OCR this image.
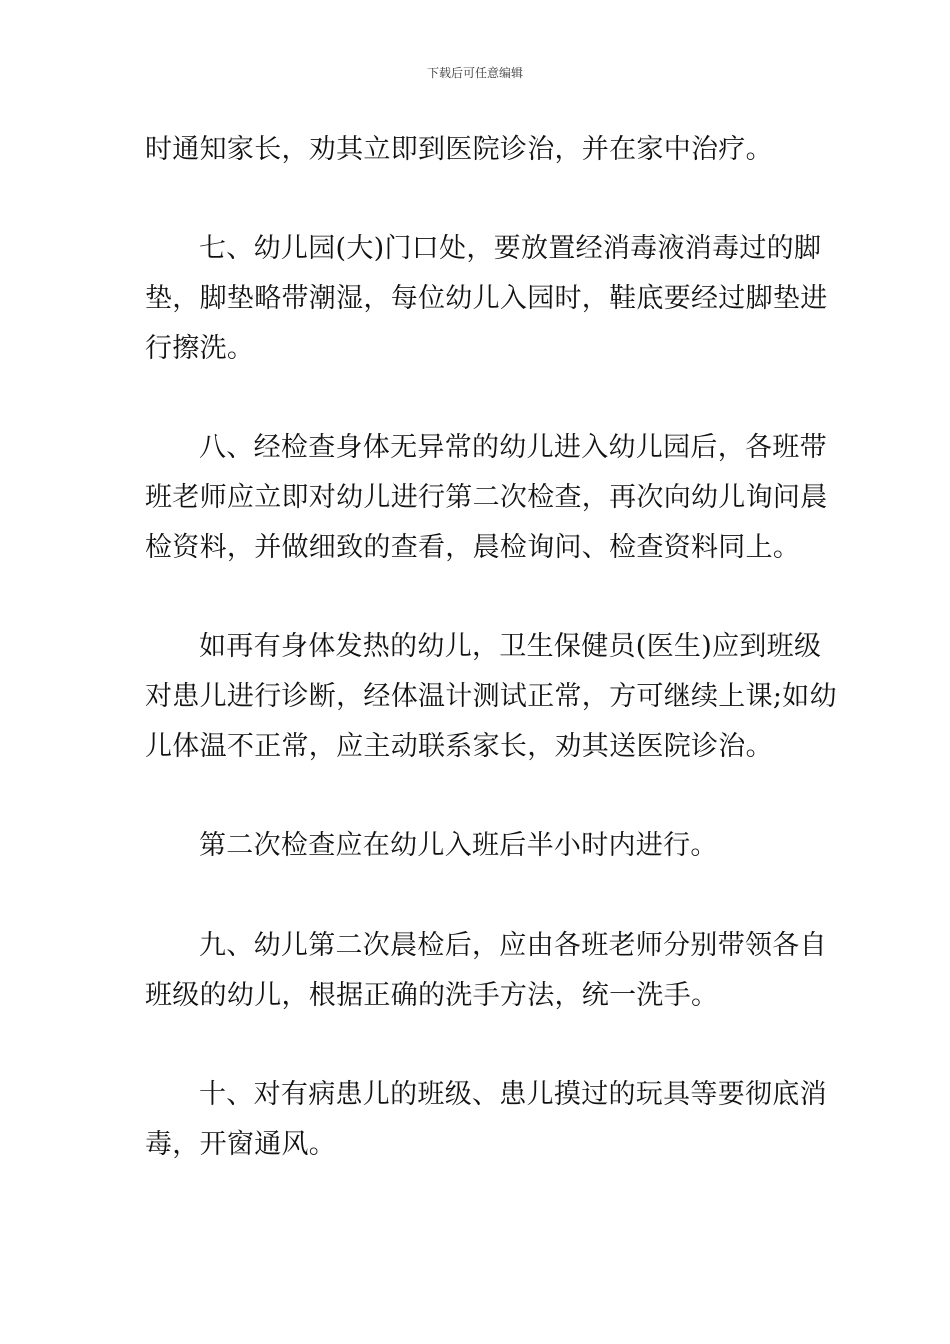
下载后可任意编辑
时通知家长，劝其立即到医院诊治，并在家中治疗。
七、幼儿园(大)门口处，要放置经消毒液消毒过的脚
垫，脚垫略带潮湿，每位幼儿入园时，鞋底要经过脚垫进
行擦洗。
八、经检查身体无异常的幼儿进入幼儿园后，各班带
班老师应立即对幼儿进行第二次检查，再次向幼儿询问晨
检资料，并做细致的查看，晨检询问、检查资料同上。
如再有身体发热的幼儿，卫生保健员(医生)应到班级
对患儿进行诊断，经体温计测试正常，方可继续上课;如幼
儿体温不正常，应主动联系家长，劝其送医院诊治。
第二次检查应在幼儿入班后半小时内进行。
九、幼儿第二次晨检后，应由各班老师分别带领各自
班级的幼儿，根据正确的洗手方法，统一洗手。
十、对有病患儿的班级、患儿摸过的玩具等要彻底消
毒，开窗通风。
